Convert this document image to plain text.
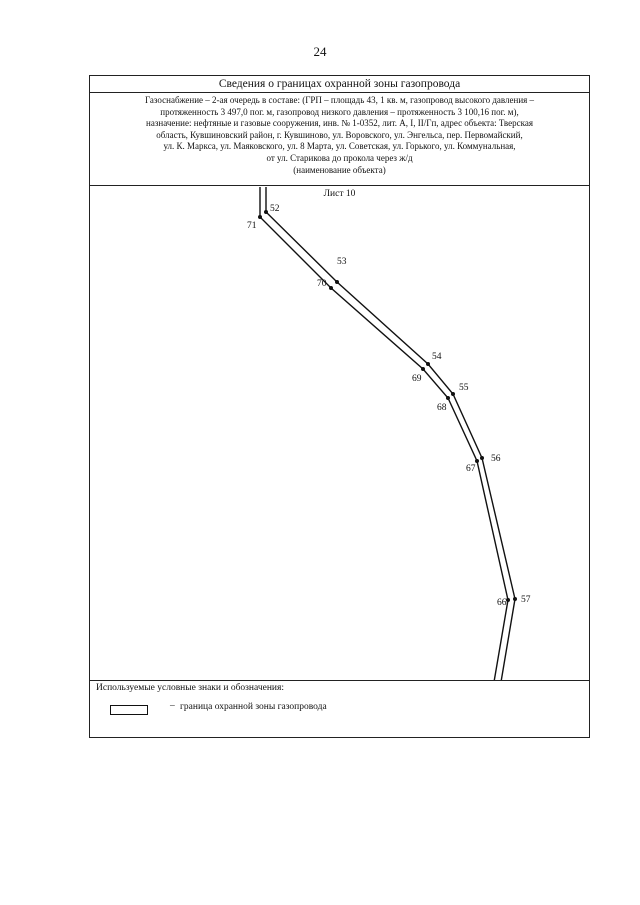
24
Сведения о границах охранной зоны газопровода
Газоснабжение – 2-ая очередь в составе: (ГРП – площадь 43, 1 кв. м, газопровод высокого давления –
протяженность 3 497,0 пог. м, газопровод низкого давления – протяженность 3 100,16 пог. м),
назначение: нефтяные и газовые сооружения, инв. № 1-0352, лит. А, I, II/Гп, адрес объекта: Тверская
область, Кувшиновский район, г. Кувшиново, ул. Воровского, ул. Энгельса, пер. Первомайский,
ул. К. Маркса, ул. Маяковского, ул. 8 Марта, ул. Советская, ул. Горького, ул. Коммунальная,
от ул. Старикова до прокола через ж/д
(наименование объекта)
Лист 10
52
53
54
55
56
57
71
70
69
68
67
66
Используемые условные знаки и обозначения:
– граница охранной зоны газопровода
